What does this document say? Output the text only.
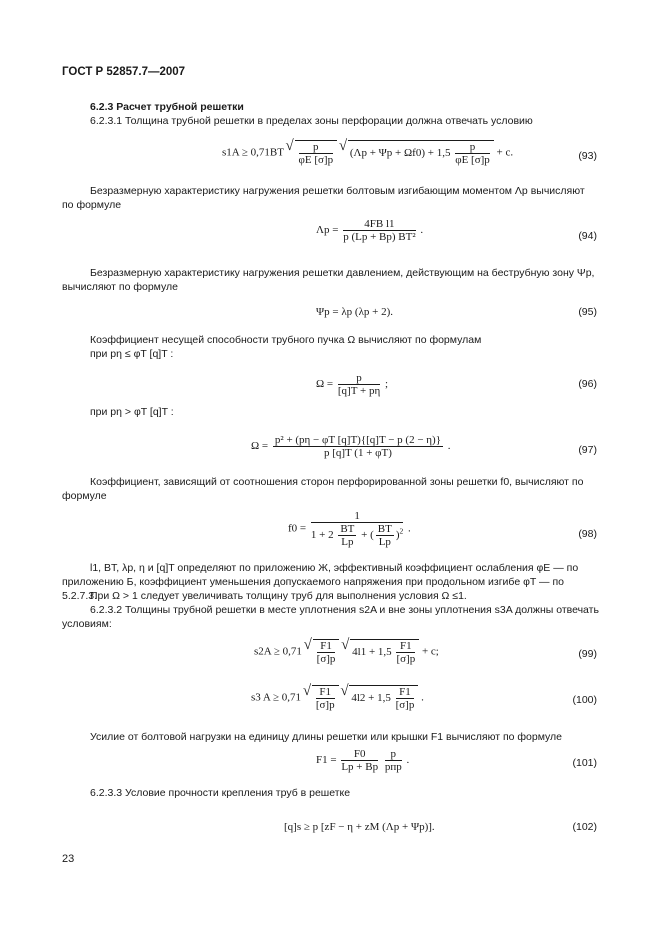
ГОСТ Р 52857.7—2007
6.2.3 Расчет трубной решетки
6.2.3.1 Толщина трубной решетки в пределах зоны перфорации должна отвечать условию
s1A ≥ 0,71BT √ $\frac{p}{\varphi E [\sigma]p}$ √ $(\Lambda p + \Psi p + \Omega f0) + 1,5 \frac{p}{\varphi E [\sigma]p} + c$.	(93)
Безразмерную характеристику нагружения решетки болтовым изгибающим моментом Λp вычисляют по формуле
$\Lambda p = \frac{\text{4FB l1}}{\text{p (Lp + Bp) BT²}}$ .	(94)
Безразмерную характеристику нагружения решетки давлением, действующим на беструбную зону Ψp, вычисляют по формуле
Ψp = λp (λp + 2).	(95)
Коэффициент несущей способности трубного пучка Ω вычисляют по формулам
при pη ≤ φT [q]T :
$\Omega = \frac{p}{[q]T + p\eta}$ ;	(96)
при pη > φT [q]T :
$\Omega = \frac{\text{p² + (pη − φT [q]T)\{[q]T − p (2 − η)\}}}{p [q]T (1 + \varphi T)}$ .	(97)
Коэффициент, зависящий от соотношения сторон перфорированной зоны решетки f0, вычисляют по формуле
f0 =
1
$1 + 2 \frac{BT}{Lp}$ + ( $\frac{BT}{Lp} )^2$ .	(98)
l1, BT, λp, η и [q]T определяют по приложению Ж, эффективный коэффициент ослабления φE — по приложению Б, коэффициент уменьшения допускаемого напряжения при продольном изгибе φT — по 5.2.7.3.
При Ω > 1 следует увеличивать толщину труб для выполнения условия Ω ≤1.
6.2.3.2 Толщины трубной решетки в месте уплотнения s2A и вне зоны уплотнения s3A должны отвечать условиям:
s2A ≥ 0,71 √ $\frac{F1}{[\sigma]p}$ √ $4l1 + 1,5 \frac{F1}{[\sigma]p} + c$;	(99)
s3 A ≥ 0,71 √ $\frac{F1}{[\sigma]p}$ √ $4l2 + 1,5 \frac{F1}{[\sigma]p}$ .	(100)
Усилие от болтовой нагрузки на единицу длины решетки или крышки F1 вычисляют по формуле
$F1 = \frac{F0}{Lp + Bp}$
	p
pпр
.	(101)
6.2.3.3 Условие прочности крепления труб в решетке
[q]s ≥ p [zF − η + zM (Λp + Ψp)].	(102)
23
